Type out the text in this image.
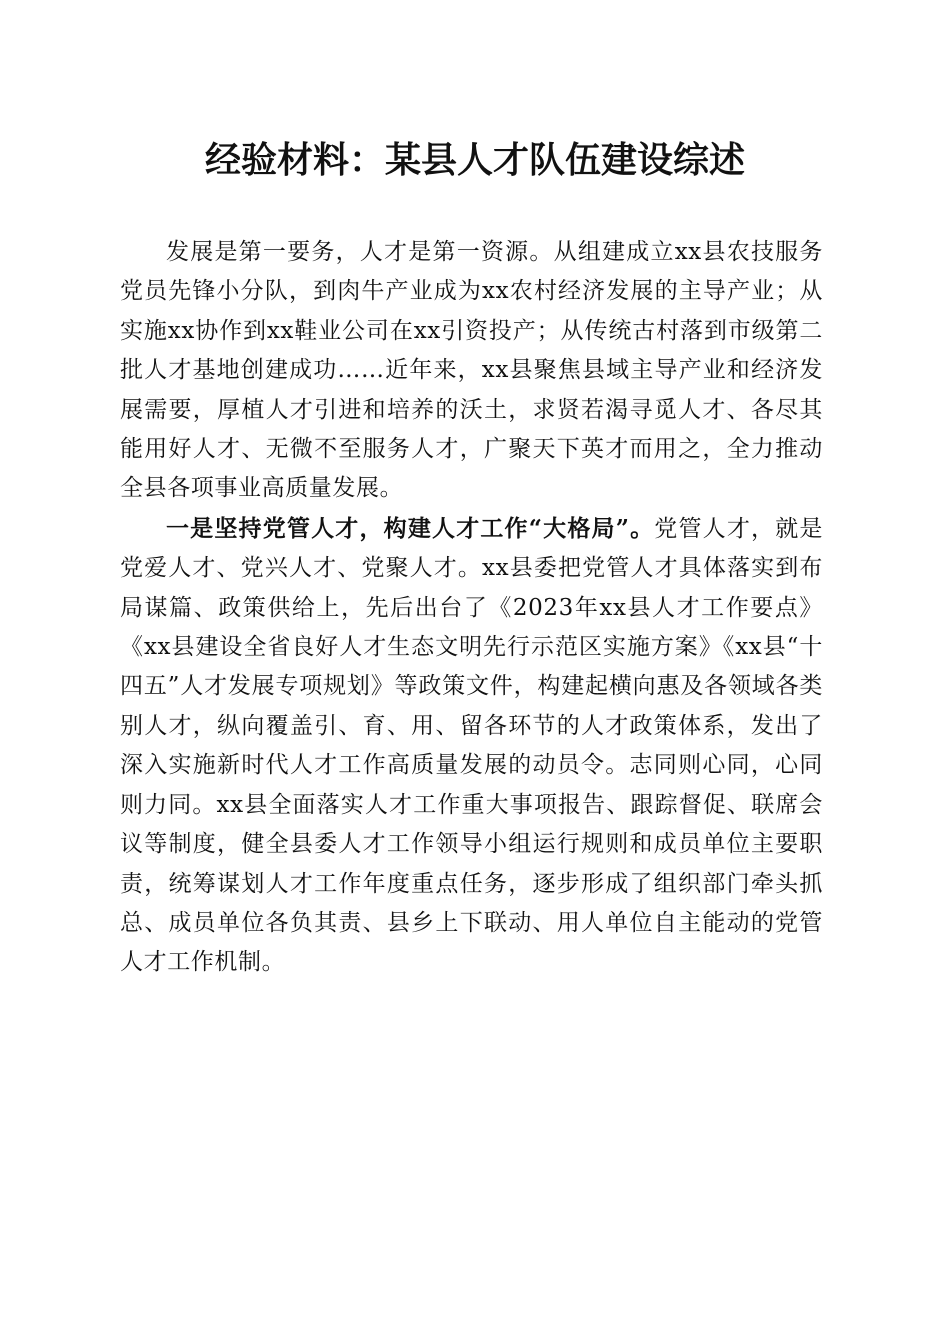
经验材料：某县人才队伍建设综述

发展是第一要务，人才是第一资源。从组建成立xx县农技服务党员先锋小分队，到肉牛产业成为xx农村经济发展的主导产业；从实施xx协作到xx鞋业公司在xx引资投产；从传统古村落到市级第二批人才基地创建成功……近年来，xx县聚焦县域主导产业和经济发展需要，厚植人才引进和培养的沃土，求贤若渴寻觅人才、各尽其能用好人才、无微不至服务人才，广聚天下英才而用之，全力推动全县各项事业高质量发展。

一是坚持党管人才，构建人才工作“大格局”。党管人才，就是党爱人才、党兴人才、党聚人才。xx县委把党管人才具体落实到布局谋篇、政策供给上，先后出台了《2023年xx县人才工作要点》《xx县建设全省良好人才生态文明先行示范区实施方案》《xx县“十四五”人才发展专项规划》等政策文件，构建起横向惠及各领域各类别人才，纵向覆盖引、育、用、留各环节的人才政策体系，发出了深入实施新时代人才工作高质量发展的动员令。志同则心同，心同则力同。xx县全面落实人才工作重大事项报告、跟踪督促、联席会议等制度，健全县委人才工作领导小组运行规则和成员单位主要职责，统筹谋划人才工作年度重点任务，逐步形成了组织部门牵头抓总、成员单位各负其责、县乡上下联动、用人单位自主能动的党管人才工作机制。
